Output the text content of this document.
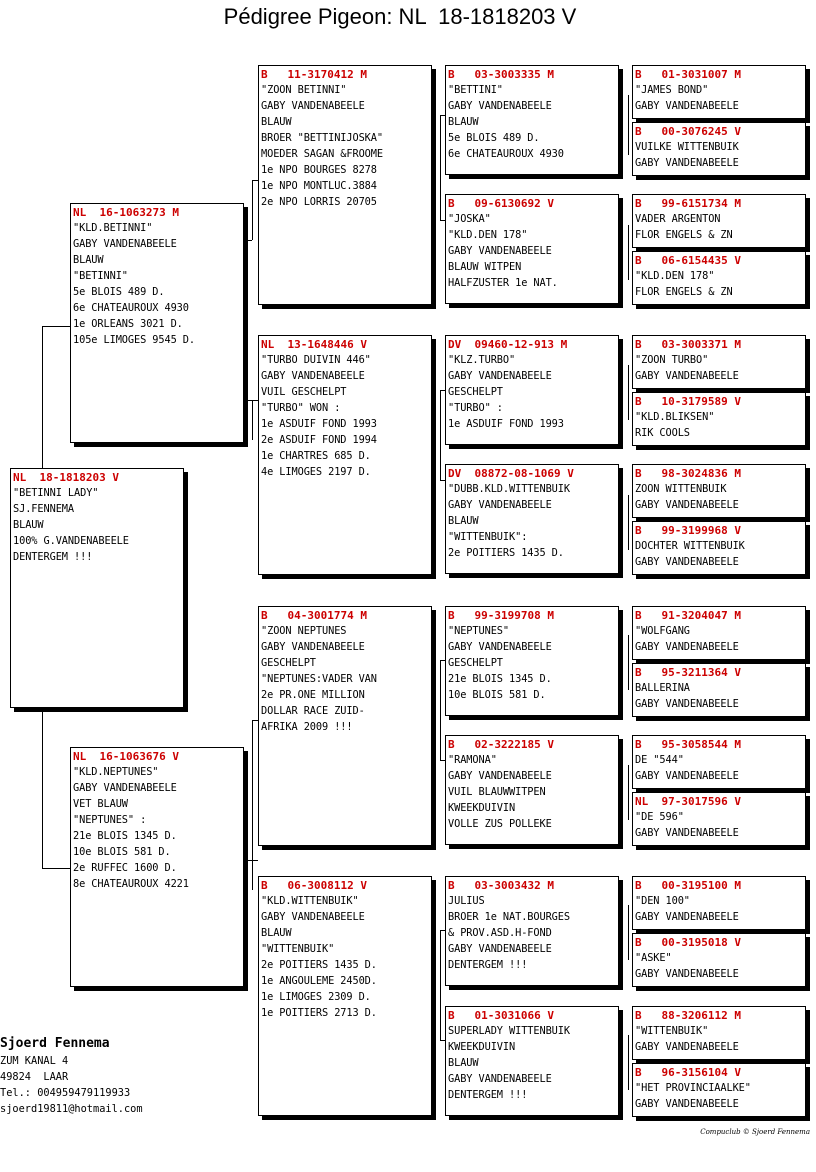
Pédigree Pigeon: NL  18-1818203 V
NL  18-1818203 V
"BETINNI LADY"
SJ.FENNEMA
BLAUW
100% G.VANDENABEELE
DENTERGEM !!!
NL  16-1063273 M
"KLD.BETINNI"
GABY VANDENABEELE
BLAUW
"BETINNI"
5e BLOIS 489 D.
6e CHATEAUROUX 4930
1e ORLEANS 3021 D.
105e LIMOGES 9545 D.
NL  16-1063676 V
"KLD.NEPTUNES"
GABY VANDENABEELE
VET BLAUW
"NEPTUNES" :
21e BLOIS 1345 D.
10e BLOIS 581 D.
2e RUFFEC 1600 D.
8e CHATEAUROUX 4221
B   11-3170412 M
"ZOON BETINNI"
GABY VANDENABEELE
BLAUW
BROER "BETTINIJOSKA"
MOEDER SAGAN &FROOME
1e NPO BOURGES 8278
1e NPO MONTLUC.3884
2e NPO LORRIS 20705
NL  13-1648446 V
"TURBO DUIVIN 446"
GABY VANDENABEELE
VUIL GESCHELPT
"TURBO" WON :
1e ASDUIF FOND 1993
2e ASDUIF FOND 1994
1e CHARTRES 685 D.
4e LIMOGES 2197 D.
B   04-3001774 M
"ZOON NEPTUNES
GABY VANDENABEELE
GESCHELPT
"NEPTUNES:VADER VAN
2e PR.ONE MILLION
DOLLAR RACE ZUID-
AFRIKA 2009 !!!
B   06-3008112 V
"KLD.WITTENBUIK"
GABY VANDENABEELE
BLAUW
"WITTENBUIK"
2e POITIERS 1435 D.
1e ANGOULEME 2450D.
1e LIMOGES 2309 D.
1e POITIERS 2713 D.
B   03-3003335 M
"BETTINI"
GABY VANDENABEELE
BLAUW
5e BLOIS 489 D.
6e CHATEAUROUX 4930
B   09-6130692 V
"JOSKA"
"KLD.DEN 178"
GABY VANDENABEELE
BLAUW WITPEN
HALFZUSTER 1e NAT.
DV  09460-12-913 M
"KLZ.TURBO"
GABY VANDENABEELE
GESCHELPT
"TURBO" :
1e ASDUIF FOND 1993
DV  08872-08-1069 V
"DUBB.KLD.WITTENBUIK
GABY VANDENABEELE
BLAUW
"WITTENBUIK":
2e POITIERS 1435 D.
B   99-3199708 M
"NEPTUNES"
GABY VANDENABEELE
GESCHELPT
21e BLOIS 1345 D.
10e BLOIS 581 D.
B   02-3222185 V
"RAMONA"
GABY VANDENABEELE
VUIL BLAUWWITPEN
KWEEKDUIVIN
VOLLE ZUS POLLEKE
B   03-3003432 M
JULIUS
BROER 1e NAT.BOURGES
& PROV.ASD.H-FOND
GABY VANDENABEELE
DENTERGEM !!!
B   01-3031066 V
SUPERLADY WITTENBUIK
KWEEKDUIVIN
BLAUW
GABY VANDENABEELE
DENTERGEM !!!
B   01-3031007 M
"JAMES BOND"
GABY VANDENABEELE
B   00-3076245 V
VUILKE WITTENBUIK
GABY VANDENABEELE
B   99-6151734 M
VADER ARGENTON
FLOR ENGELS & ZN
B   06-6154435 V
"KLD.DEN 178"
FLOR ENGELS & ZN
B   03-3003371 M
"ZOON TURBO"
GABY VANDENABEELE
B   10-3179589 V
"KLD.BLIKSEN"
RIK COOLS
B   98-3024836 M
ZOON WITTENBUIK
GABY VANDENABEELE
B   99-3199968 V
DOCHTER WITTENBUIK
GABY VANDENABEELE
B   91-3204047 M
"WOLFGANG
GABY VANDENABEELE
B   95-3211364 V
BALLERINA
GABY VANDENABEELE
B   95-3058544 M
DE "544"
GABY VANDENABEELE
NL  97-3017596 V
"DE 596"
GABY VANDENABEELE
B   00-3195100 M
"DEN 100"
GABY VANDENABEELE
B   00-3195018 V
"ASKE"
GABY VANDENABEELE
B   88-3206112 M
"WITTENBUIK"
GABY VANDENABEELE
B   96-3156104 V
"HET PROVINCIAALKE"
GABY VANDENABEELE
Sjoerd Fennema
ZUM KANAL 4
49824  LAAR
Tel.: 004959479119933
sjoerd19811@hotmail.com
Compuclub © Sjoerd Fennema
